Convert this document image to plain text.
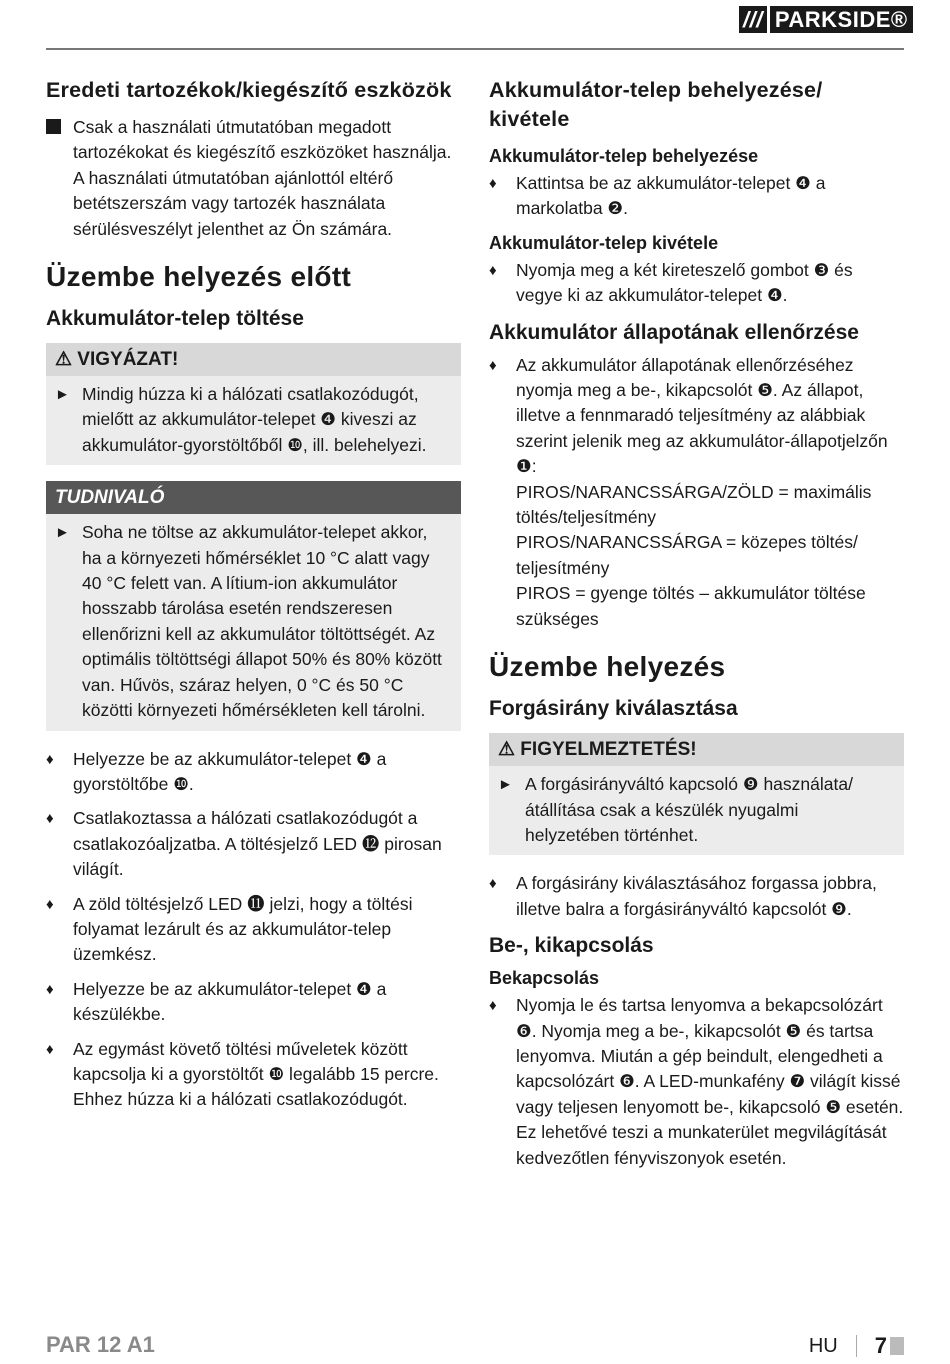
/// PARKSIDE®
Eredeti tartozékok/kiegészítő eszközök
Csak a használati útmutatóban megadott tartozékokat és kiegészítő eszközöket használja. A használati útmutatóban ajánlottól eltérő betétszerszám vagy tartozék használata sérülésveszélyt jelenthet az Ön számára.
Üzembe helyezés előtt
Akkumulátor-telep töltése
⚠ VIGYÁZAT!
► Mindig húzza ki a hálózati csatlakozódugót, mielőtt az akkumulátor-telepet ❹ kiveszi az akkumulátor-gyorstöltőből ❿, ill. belehelyezi.
TUDNIVALÓ
► Soha ne töltse az akkumulátor-telepet akkor, ha a környezeti hőmérséklet 10 °C alatt vagy 40 °C felett van. A lítium-ion akkumulátor hosszabb tárolása esetén rendszeresen ellenőrizni kell az akkumulátor töltöttségét. Az optimális töltöttségi állapot 50% és 80% között van. Hűvös, száraz helyen, 0 °C és 50 °C közötti környezeti hőmérsékleten kell tárolni.
♦	Helyezze be az akkumulátor-telepet ❹ a gyorstöltőbe ❿.
♦	Csatlakoztassa a hálózati csatlakozódugót a csatlakozóaljzatba. A töltésjelző LED ⓬ pirosan világít.
♦	A zöld töltésjelző LED ⓫ jelzi, hogy a töltési folyamat lezárult és az akkumulátor-telep üzemkész.
♦	Helyezze be az akkumulátor-telepet ❹ a készülékbe.
♦	Az egymást követő töltési műveletek között kapcsolja ki a gyorstöltőt ❿ legalább 15 percre. Ehhez húzza ki a hálózati csatlakozódugót.
Akkumulátor-telep behelyezése/ kivétele
Akkumulátor-telep behelyezése
♦	Kattintsa be az akkumulátor-telepet ❹ a markolatba ❷.
Akkumulátor-telep kivétele
♦	Nyomja meg a két kireteszelő gombot ❸ és vegye ki az akkumulátor-telepet ❹.
Akkumulátor állapotának ellenőrzése
♦	Az akkumulátor állapotának ellenőrzéséhez nyomja meg a be-, kikapcsolót ❺. Az állapot, illetve a fennmaradó teljesítmény az alábbiak szerint jelenik meg az akkumulátor-állapotjelzőn ❶:
PIROS/NARANCSSÁRGA/ZÖLD = maximális töltés/teljesítmény
PIROS/NARANCSSÁRGA = közepes töltés/ teljesítmény
PIROS = gyenge töltés – akkumulátor töltése szükséges
Üzembe helyezés
Forgásirány kiválasztása
⚠ FIGYELMEZTETÉS!
► A forgásirányváltó kapcsoló ❾ használata/ átállítása csak a készülék nyugalmi helyzetében történhet.
♦	A forgásirány kiválasztásához forgassa jobbra, illetve balra a forgásirányváltó kapcsolót ❾.
Be-, kikapcsolás
Bekapcsolás
♦	Nyomja le és tartsa lenyomva a bekapcsolózárt ❻. Nyomja meg a be-, kikapcsolót ❺ és tartsa lenyomva. Miután a gép beindult, elengedheti a kapcsolózárt ❻. A LED-munkafény ❼ világít kissé vagy teljesen lenyomott be-, kikapcsoló ❺ esetén. Ez lehetővé teszi a munkaterület megvilágítását kedvezőtlen fényviszonyok esetén.
PAR 12 A1	HU 7
